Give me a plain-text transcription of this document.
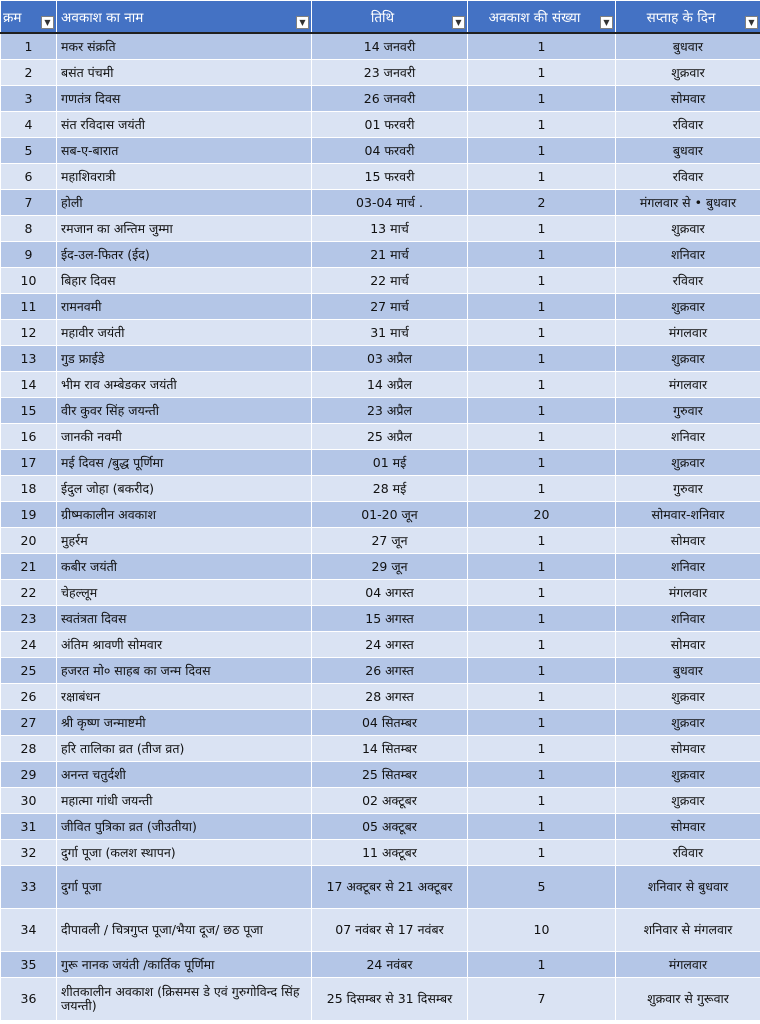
क्रम ▼	अवकाश का नाम ▼	तिथि ▼	अवकाश की संख्या ▼	सप्ताह के दिन ▼

1	मकर संक्रति	14 जनवरी	1	बुधवार
2	बसंत पंचमी	23 जनवरी	1	शुक्रवार
3	गणतंत्र दिवस	26 जनवरी	1	सोमवार
4	संत रविदास जयंती	01 फरवरी	1	रविवार
5	सब-ए-बारात	04 फरवरी	1	बुधवार
6	महाशिवरात्री	15 फरवरी	1	रविवार
7	होली	03-04 मार्च .	2	मंगलवार से • बुधवार
8	रमजान का अन्तिम जुम्मा	13 मार्च	1	शुक्रवार
9	ईद-उल-फितर (ईद)	21 मार्च	1	शनिवार
10	बिहार दिवस	22 मार्च	1	रविवार
11	रामनवमी	27 मार्च	1	शुक्रवार
12	महावीर जयंती	31 मार्च	1	मंगलवार
13	गुड फ्राईडे	03 अप्रैल	1	शुक्रवार
14	भीम राव अम्बेडकर जयंती	14 अप्रैल	1	मंगलवार
15	वीर कुवर सिंह जयन्ती	23 अप्रैल	1	गुरुवार
16	जानकी नवमी	25 अप्रैल	1	शनिवार
17	मई दिवस /बुद्ध पूर्णिमा	01 मई	1	शुक्रवार
18	ईदुल जोहा (बकरीद)	28 मई	1	गुरुवार
19	ग्रीष्मकालीन अवकाश	01-20 जून	20	सोमवार-शनिवार
20	मुहर्रम	27 जून	1	सोमवार
21	कबीर जयंती	29 जून	1	शनिवार
22	चेहल्लूम	04 अगस्त	1	मंगलवार
23	स्वतंत्रता दिवस	15 अगस्त	1	शनिवार
24	अंतिम श्रावणी सोमवार	24 अगस्त	1	सोमवार
25	हजरत मो० साहब का जन्म दिवस	26 अगस्त	1	बुधवार
26	रक्षाबंधन	28 अगस्त	1	शुक्रवार
27	श्री कृष्ण जन्माष्टमी	04 सितम्बर	1	शुक्रवार
28	हरि तालिका व्रत (तीज व्रत)	14 सितम्बर	1	सोमवार
29	अनन्त चतुर्दशी	25 सितम्बर	1	शुक्रवार
30	महात्मा गांधी जयन्ती	02 अक्टूबर	1	शुक्रवार
31	जीवित पुत्रिका व्रत (जीउतीया)	05 अक्टूबर	1	सोमवार
32	दुर्गा पूजा (कलश स्थापन)	11 अक्टूबर	1	रविवार
33	दुर्गा पूजा	17 अक्टूबर से 21 अक्टूबर	5	शनिवार से बुधवार
34	दीपावली / चित्रगुप्त पूजा/भैया दूज/ छठ पूजा	07 नवंबर से 17 नवंबर	10	शनिवार से मंगलवार
35	गुरू नानक जयंती /कार्तिक पूर्णिमा	24 नवंबर	1	मंगलवार
36	शीतकालीन अवकाश (क्रिसमस डे एवं गुरुगोविन्द सिंह जयन्ती)	25 दिसम्बर से 31 दिसम्बर	7	शुक्रवार से गुरूवार
